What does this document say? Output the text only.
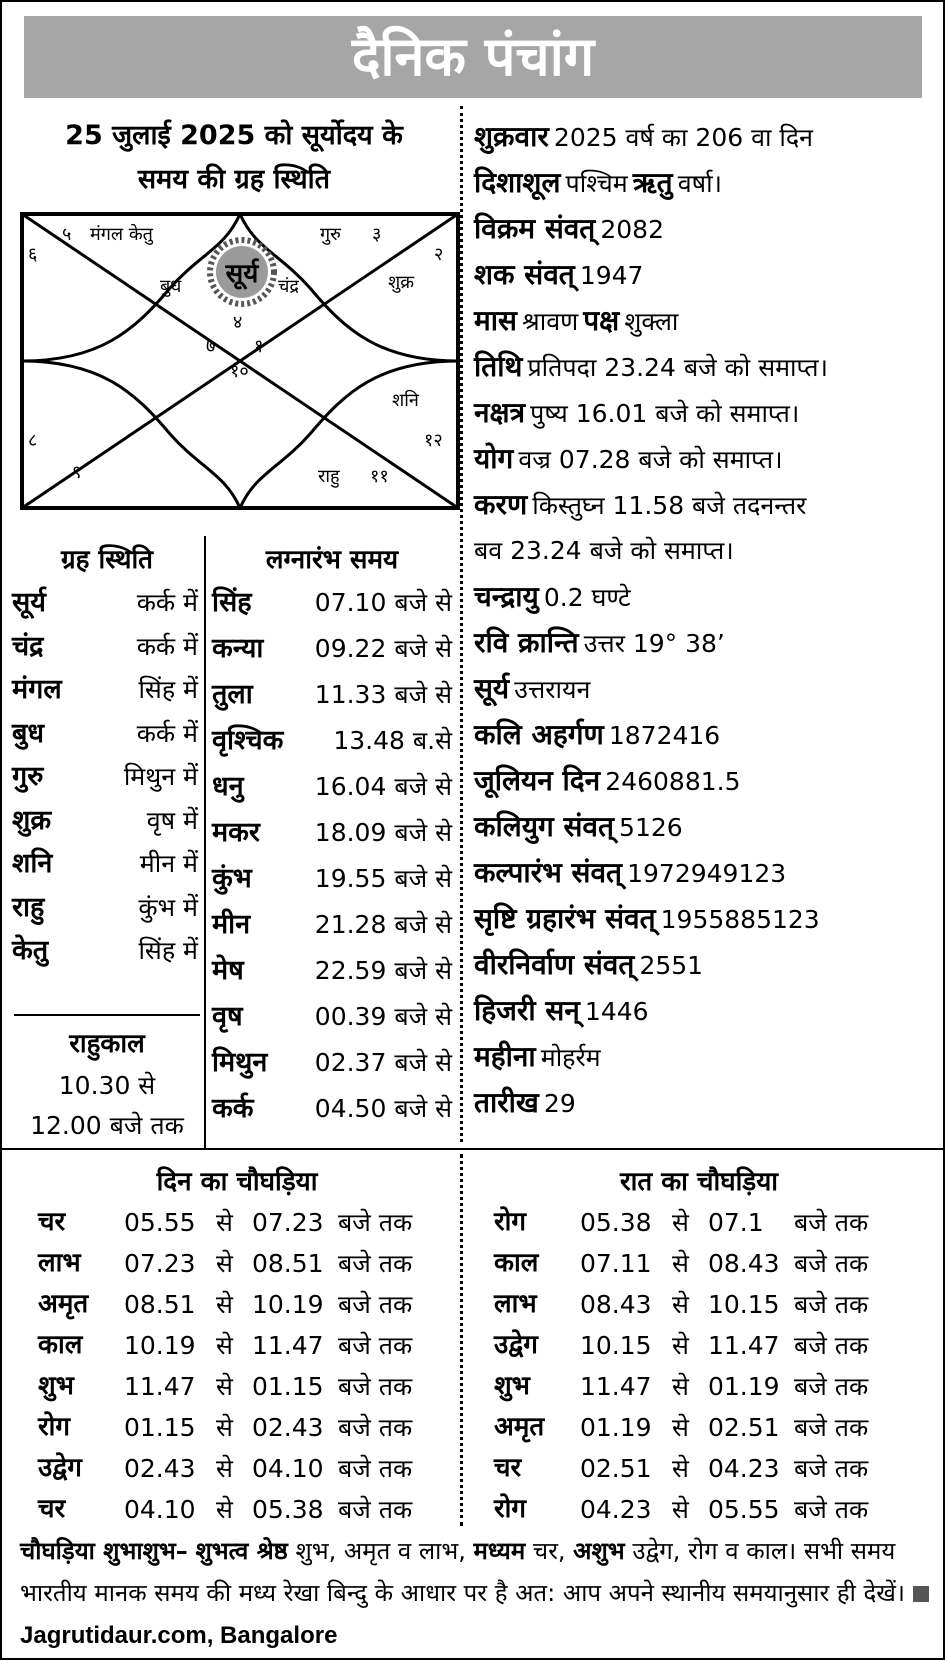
दैनिक पंचांग
25 जुलाई 2025 को सूर्योदय के
समय की ग्रह स्थिति
सूर्य
५ मंगल केतु
६
गुरु ३
२
बुध	चंद्र	शुक्र
४
७ १
१०
शनि
८	१२
९	राहु ११
ग्रह स्थिति	लग्नारंभ समय
सूर्य	कर्क में
चंद्र	कर्क में
मंगल	सिंह में
बुध	कर्क में
गुरु	मिथुन में
शुक्र	वृष में
शनि	मीन में
राहु	कुंभ में
केतु	सिंह में
राहुकाल
10.30 से
12.00 बजे तक
सिंह	07.10 बजे से
कन्या 09.22 बजे से
तुला 11.33 बजे से
वृश्चिक 13.48 ब.से
धनु	16.04 बजे से
मकर 18.09 बजे से
कुंभ	19.55 बजे से
मीन	21.28 बजे से
मेष	22.59 बजे से
वृष	00.39 बजे से
मिथुन 02.37 बजे से
कर्क 04.50 बजे से
शुक्रवार 2025 वर्ष का 206 वा दिन
दिशाशूल पश्चिम ऋतु वर्षा।
विक्रम संवत् 2082
शक संवत् 1947
मास श्रावण पक्ष शुक्ला
तिथि प्रतिपदा 23.24 बजे को समाप्त।
नक्षत्र पुष्य 16.01 बजे को समाप्त।
योग वज्र 07.28 बजे को समाप्त।
करण किस्तुघ्न 11.58 बजे तदनन्तर
बव 23.24 बजे को समाप्त।
चन्द्रायु 0.2 घण्टे
रवि क्रान्ति उत्तर 19° 38’
सूर्य उत्तरायन
कलि अहर्गण 1872416
जूलियन दिन 2460881.5
कलियुग संवत् 5126
कल्पारंभ संवत् 1972949123
सृष्टि ग्रहारंभ संवत् 1955885123
वीरनिर्वाण संवत् 2551
हिजरी सन् 1446
महीना मोहर्रम
तारीख 29
दिन का चौघड़िया	रात का चौघड़िया
चर 05.55 से 07.23 बजे तक
लाभ 07.23 से 08.51 बजे तक
अमृत 08.51 से 10.19 बजे तक
काल 10.19 से 11.47 बजे तक
शुभ 11.47 से 01.15 बजे तक
रोग 01.15 से 02.43 बजे तक
उद्वेग 02.43 से 04.10 बजे तक
चर 04.10 से 05.38 बजे तक
रोग 05.38 से 07.1 बजे तक
काल 07.11 से 08.43 बजे तक
लाभ 08.43 से 10.15 बजे तक
उद्वेग 10.15 से 11.47 बजे तक
शुभ 11.47 से 01.19 बजे तक
अमृत 01.19 से 02.51 बजे तक
चर 02.51 से 04.23 बजे तक
रोग 04.23 से 05.55 बजे तक
चौघड़िया शुभाशुभ– शुभत्व श्रेष्ठ शुभ, अमृत व लाभ, मध्यम चर, अशुभ उद्वेग, रोग व काल। सभी समय भारतीय मानक समय की मध्य रेखा बिन्दु के आधार पर है अत: आप अपने स्थानीय समयानुसार ही देखें।  Jagrutidaur.com, Bangalore
